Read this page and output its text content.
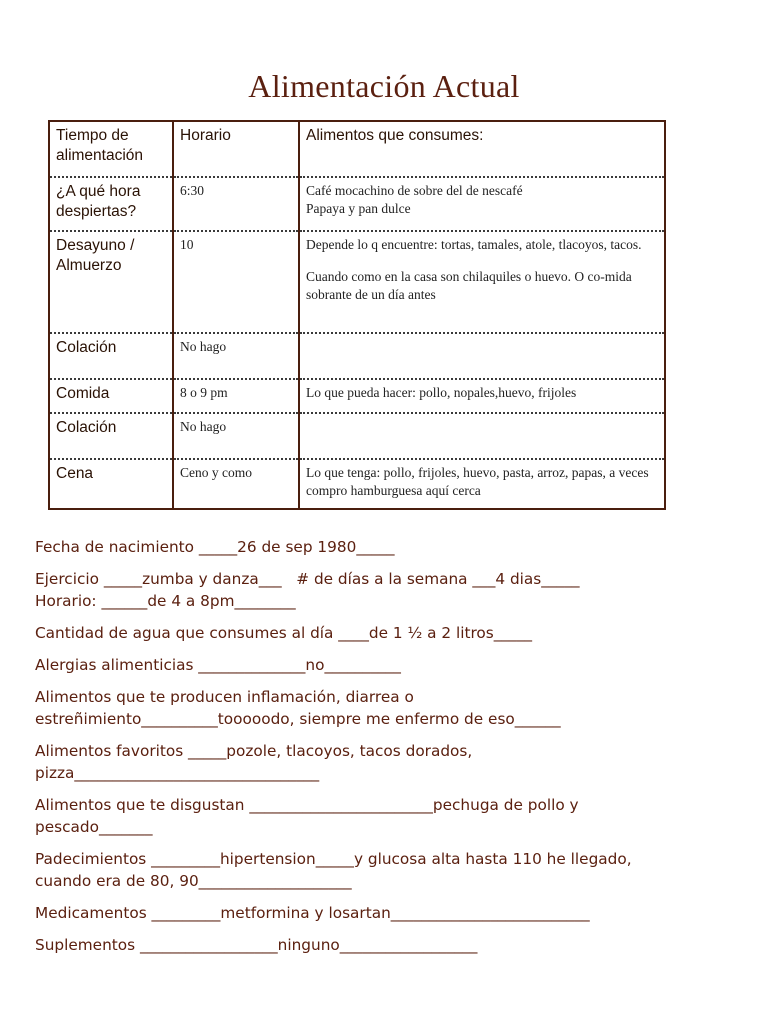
Alimentación Actual
Tiempo de alimentación	Horario	Alimentos que consumes:
¿A qué hora despiertas?	6:30	Café mocachino de sobre del de nescafé
Papaya y pan dulce

Desayuno / Almuerzo	10	Depende lo q encuentre: tortas, tamales, atole, tlacoyos, tacos.
Cuando como en la casa son chilaquiles o huevo. O co-mida sobrante de un día antes

Colación	No hago	
Comida	8 o 9 pm	Lo que pueda hacer: pollo, nopales,huevo, frijoles

Colación	No hago	
Cena	Ceno y como	Lo que tenga: pollo, frijoles, huevo, pasta, arroz, papas, a veces compro hamburguesa aquí cerca
Fecha de nacimiento _____26 de sep 1980_____
Ejercicio _____zumba y danza___   # de días a la semana ___4 dias_____
Horario: ______de 4 a 8pm________
Cantidad de agua que consumes al día ____de 1 ½ a 2 litros_____
Alergias alimenticias ______________no__________
Alimentos que te producen inflamación, diarrea o
estreñimiento__________tooooodo, siempre me enfermo de eso______
Alimentos favoritos _____pozole, tlacoyos, tacos dorados,
pizza________________________________
Alimentos que te disgustan ________________________pechuga de pollo y
pescado_______
Padecimientos _________hipertension_____y glucosa alta hasta 110 he llegado,
cuando era de 80, 90____________________
Medicamentos _________metformina y losartan__________________________
Suplementos __________________ninguno__________________
